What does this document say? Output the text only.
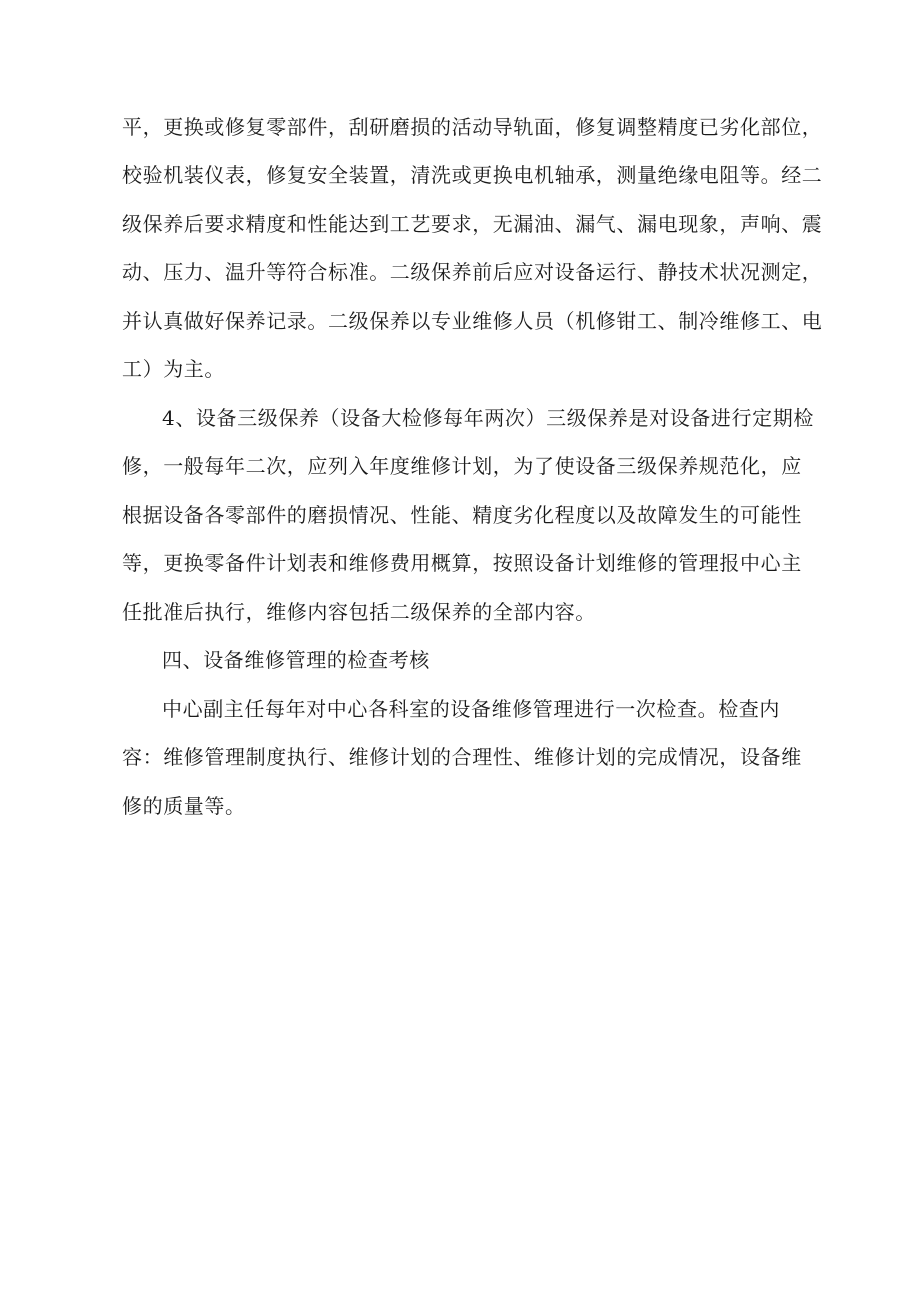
平，更换或修复零部件，刮研磨损的活动导轨面，修复调整精度已劣化部位，
校验机装仪表，修复安全装置，清洗或更换电机轴承，测量绝缘电阻等。经二
级保养后要求精度和性能达到工艺要求，无漏油、漏气、漏电现象，声响、震
动、压力、温升等符合标准。二级保养前后应对设备运行、静技术状况测定，
并认真做好保养记录。二级保养以专业维修人员（机修钳工、制冷维修工、电
工）为主。
4、设备三级保养（设备大检修每年两次）三级保养是对设备进行定期检
修，一般每年二次，应列入年度维修计划，为了使设备三级保养规范化，应
根据设备各零部件的磨损情况、性能、精度劣化程度以及故障发生的可能性
等，更换零备件计划表和维修费用概算，按照设备计划维修的管理报中心主
任批准后执行，维修内容包括二级保养的全部内容。
四、设备维修管理的检查考核
中心副主任每年对中心各科室的设备维修管理进行一次检查。检查内
容：维修管理制度执行、维修计划的合理性、维修计划的完成情况，设备维
修的质量等。
